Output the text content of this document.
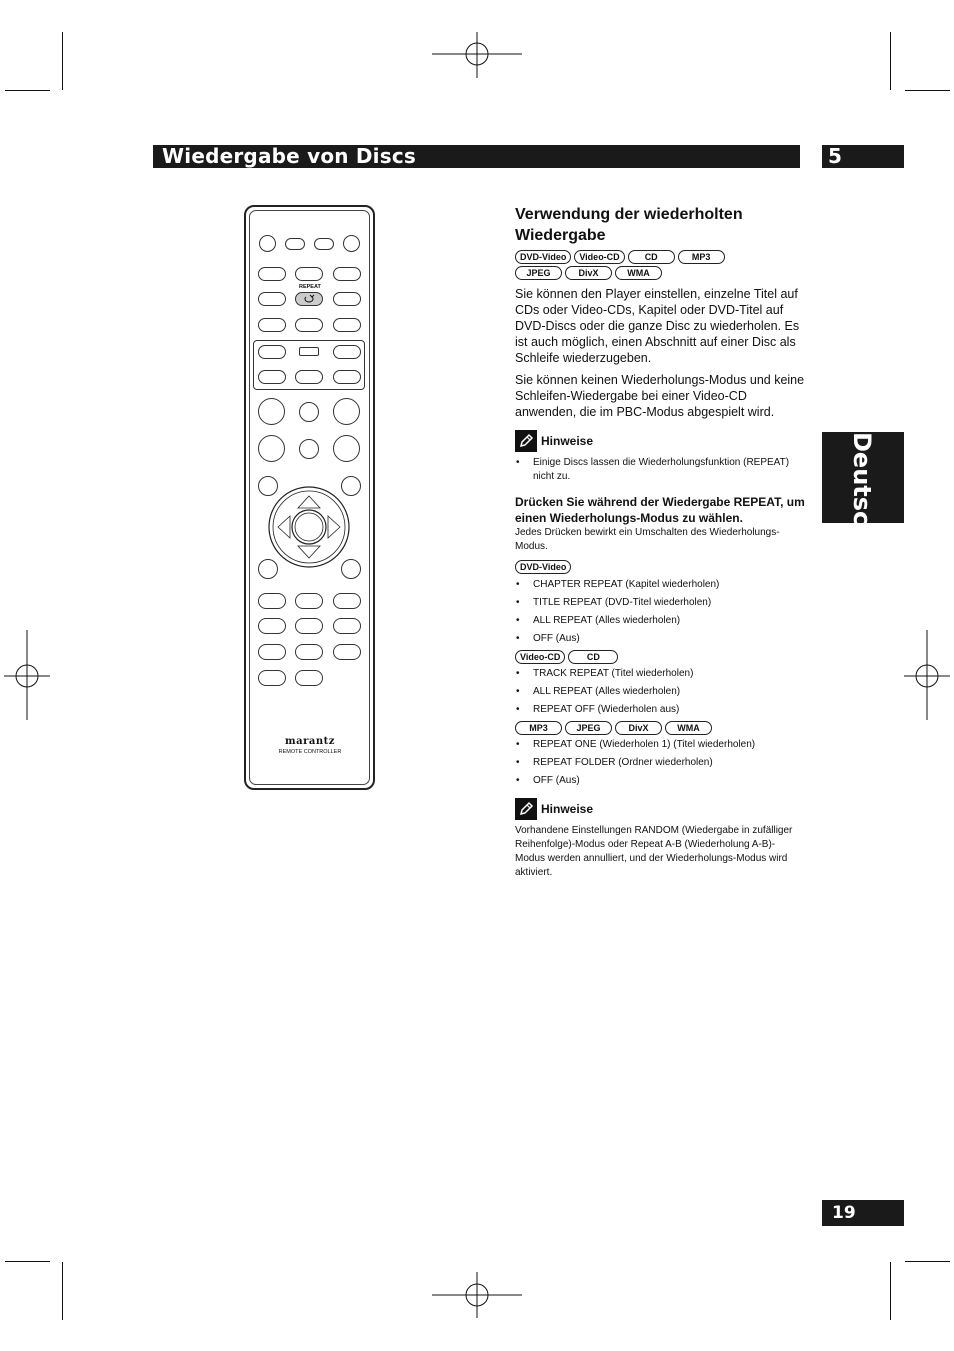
Wiedergabe von Discs	5
Deutsch
19
REPEAT
marantz
REMOTE CONTROLLER
Verwendung der wiederholten Wiedergabe
DVD-Video	Video-CD	CD	MP3
JPEG	DivX	WMA

Sie können den Player einstellen, einzelne Titel auf CDs oder Video-CDs, Kapitel oder DVD-Titel auf DVD-Discs oder die ganze Disc zu wiederholen. Es ist auch möglich, einen Abschnitt auf einer Disc als Schleife wiederzugeben.

Sie können keinen Wiederholungs-Modus und keine Schleifen-Wiedergabe bei einer Video-CD anwenden, die im PBC-Modus abgespielt wird.

Hinweise
• Einige Discs lassen die Wiederholungsfunktion (REPEAT) nicht zu.

Drücken Sie während der Wiedergabe REPEAT, um einen Wiederholungs-Modus zu wählen.

Jedes Drücken bewirkt ein Umschalten des Wiederholungs-Modus.

DVD-Video
• CHAPTER REPEAT (Kapitel wiederholen)
• TITLE REPEAT (DVD-Titel wiederholen)
• ALL REPEAT (Alles wiederholen)
• OFF (Aus)
Video-CD	CD
• TRACK REPEAT (Titel wiederholen)
• ALL REPEAT (Alles wiederholen)
• REPEAT OFF (Wiederholen aus)
MP3	JPEG	DivX	WMA
• REPEAT ONE (Wiederholen 1) (Titel wiederholen)
• REPEAT FOLDER (Ordner wiederholen)
• OFF (Aus)
Hinweise

Vorhandene Einstellungen RANDOM (Wiedergabe in zufälliger Reihenfolge)-Modus oder Repeat A-B (Wiederholung A-B)-Modus werden annulliert, und der Wiederholungs-Modus wird aktiviert.
